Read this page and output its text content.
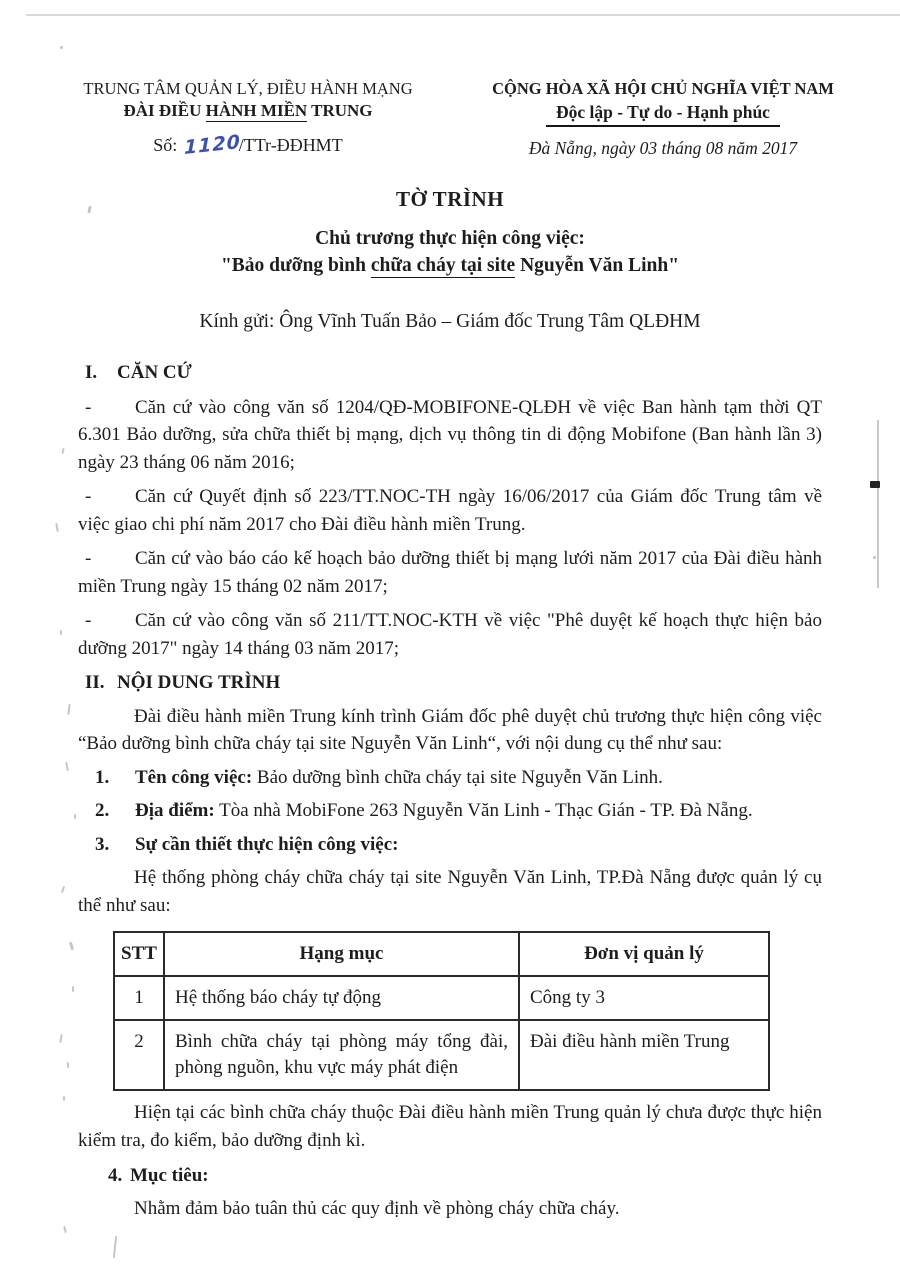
TRUNG TÂM QUẢN LÝ, ĐIỀU HÀNH MẠNG
ĐÀI ĐIỀU HÀNH MIỀN TRUNG
Số: 1120/TTr-ĐĐHMT
CỘNG HÒA XÃ HỘI CHỦ NGHĨA VIỆT NAM
Độc lập - Tự do - Hạnh phúc
Đà Nẵng, ngày 03 tháng 08 năm 2017
TỜ TRÌNH
Chủ trương thực hiện công việc:
"Bảo dưỡng bình chữa cháy tại site Nguyễn Văn Linh"
Kính gửi: Ông Vĩnh Tuấn Bảo – Giám đốc Trung Tâm QLĐHM

I. CĂN CỨ

- Căn cứ vào công văn số 1204/QĐ-MOBIFONE-QLĐH về việc Ban hành tạm thời QT 6.301 Bảo dưỡng, sửa chữa thiết bị mạng, dịch vụ thông tin di động Mobifone (Ban hành lần 3) ngày 23 tháng 06 năm 2016;

- Căn cứ Quyết định số 223/TT.NOC-TH ngày 16/06/2017 của Giám đốc Trung tâm về việc giao chi phí năm 2017 cho Đài điều hành miền Trung.

- Căn cứ vào báo cáo kế hoạch bảo dưỡng thiết bị mạng lưới năm 2017 của Đài điều hành miền Trung ngày 15 tháng 02 năm 2017;

- Căn cứ vào công văn số 211/TT.NOC-KTH về việc "Phê duyệt kế hoạch thực hiện bảo dưỡng 2017" ngày 14 tháng 03 năm 2017;

II. NỘI DUNG TRÌNH

Đài điều hành miền Trung kính trình Giám đốc phê duyệt chủ trương thực hiện công việc “Bảo dưỡng bình chữa cháy tại site Nguyễn Văn Linh“, với nội dung cụ thể như sau:

1. Tên công việc: Bảo dưỡng bình chữa cháy tại site Nguyễn Văn Linh.

2. Địa điểm: Tòa nhà MobiFone 263 Nguyễn Văn Linh - Thạc Gián - TP. Đà Nẵng.

3. Sự cần thiết thực hiện công việc:

Hệ thống phòng cháy chữa cháy tại site Nguyễn Văn Linh, TP.Đà Nẵng được quản lý cụ thể như sau:

STT	Hạng mục	Đơn vị quản lý
1	Hệ thống báo cháy tự động	Công ty 3
2	Bình chữa cháy tại phòng máy tổng đài, phòng nguồn, khu vực máy phát điện	Đài điều hành miền Trung

Hiện tại các bình chữa cháy thuộc Đài điều hành miền Trung quản lý chưa được thực hiện kiểm tra, đo kiểm, bảo dưỡng định kì.

4. Mục tiêu:

Nhằm đảm bảo tuân thủ các quy định về phòng cháy chữa cháy.
